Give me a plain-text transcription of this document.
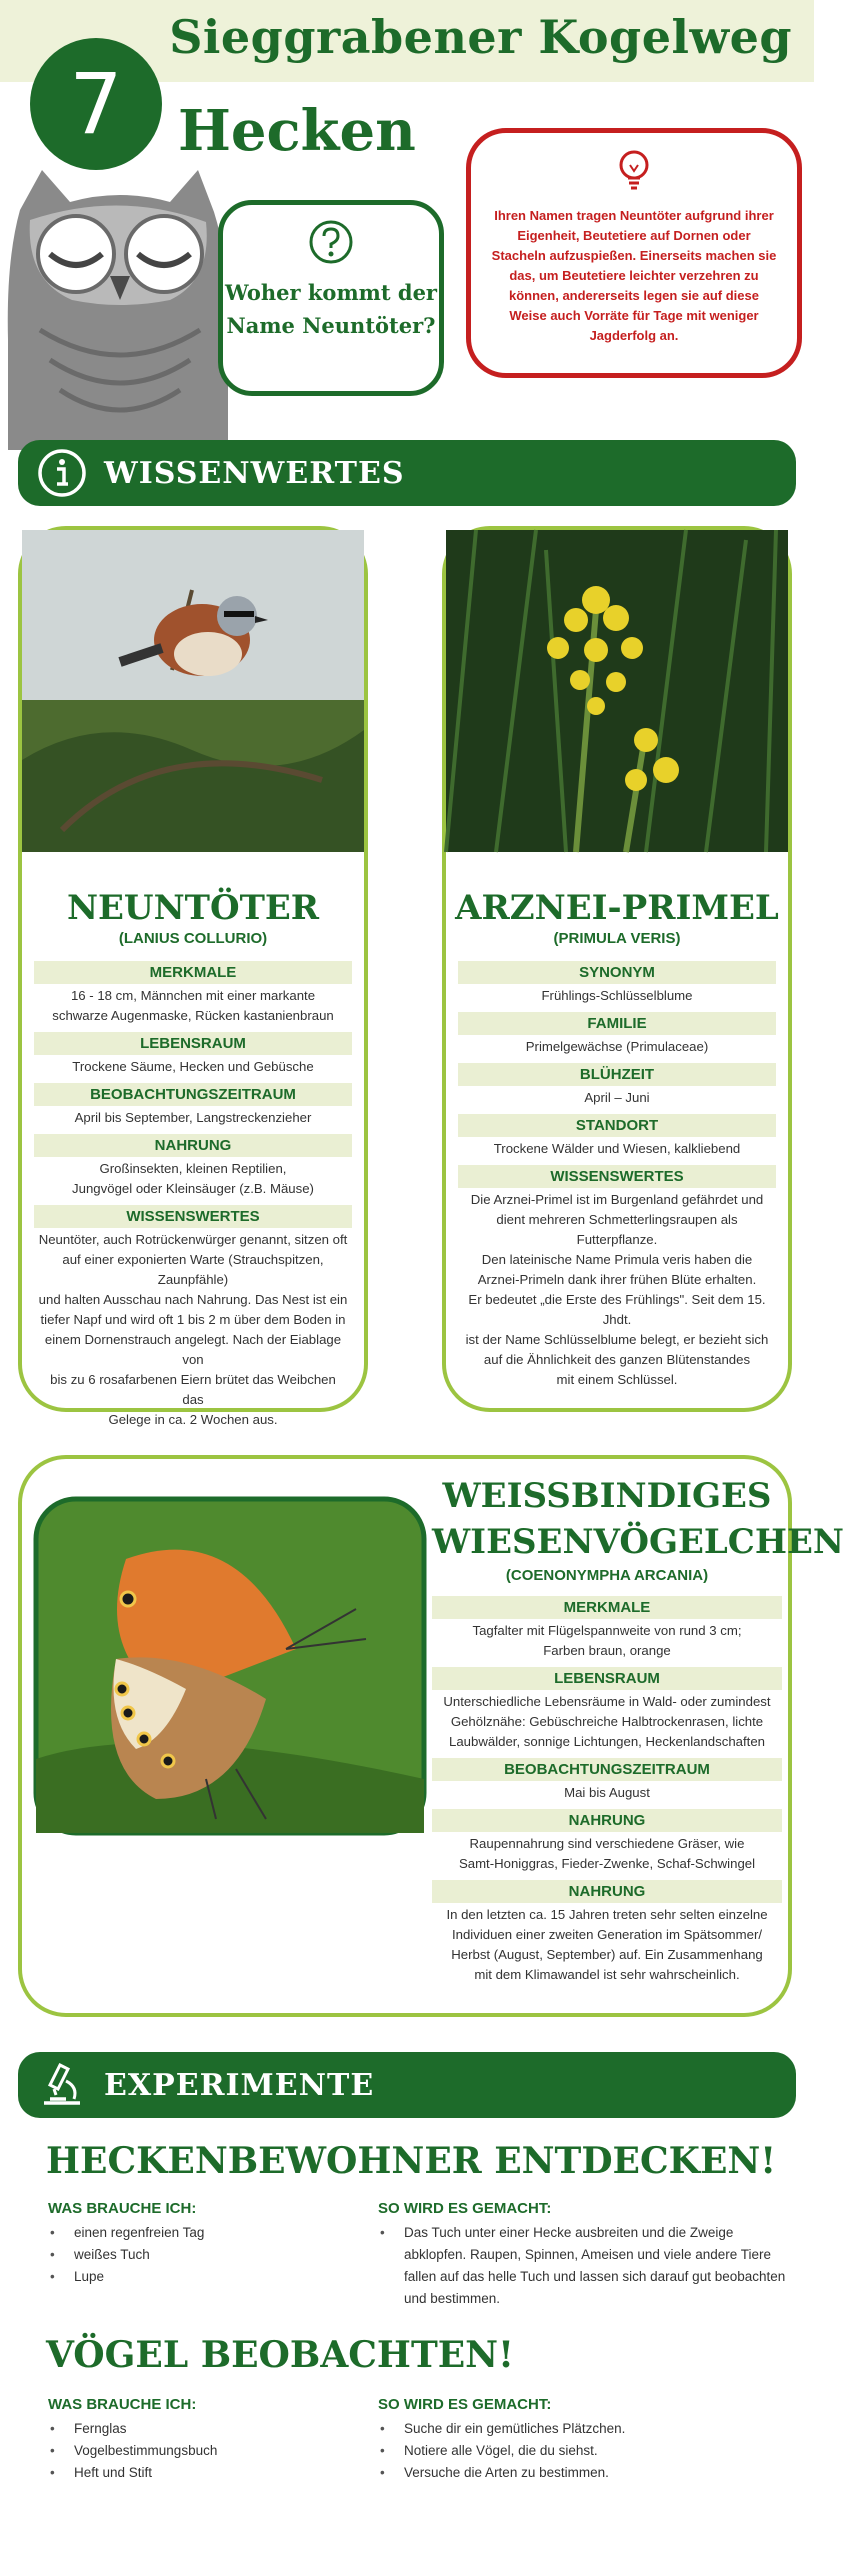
Sieggrabener Kogelweg
7 Hecken
Woher kommt der Name Neuntöter?
Ihren Namen tragen Neuntöter aufgrund ihrer Eigenheit, Beutetiere auf Dornen oder Stacheln aufzuspießen. Einerseits machen sie das, um Beutetiere leichter verzehren zu können, andererseits legen sie auf diese Weise auch Vorräte für Tage mit weniger Jagderfolg an.
WISSENWERTES
NEUNTÖTER
(LANIUS COLLURIO)
MERKMALE
16 - 18 cm, Männchen mit einer markante
schwarze Augenmaske, Rücken kastanienbraun
LEBENSRAUM
Trockene Säume, Hecken und Gebüsche
BEOBACHTUNGSZEITRAUM
April bis September, Langstreckenzieher
NAHRUNG
Großinsekten, kleinen Reptilien,
Jungvögel oder Kleinsäuger (z.B. Mäuse)
WISSENSWERTES
Neuntöter, auch Rotrückenwürger genannt, sitzen oft
auf einer exponierten Warte (Strauchspitzen, Zaunpfähle)
und halten Ausschau nach Nahrung. Das Nest ist ein
tiefer Napf und wird oft 1 bis 2 m über dem Boden in
einem Dornenstrauch angelegt. Nach der Eiablage von
bis zu 6 rosafarbenen Eiern brütet das Weibchen das
Gelege in ca. 2 Wochen aus.
ARZNEI-PRIMEL
(PRIMULA VERIS)
SYNONYM
Frühlings-Schlüsselblume
FAMILIE
Primelgewächse (Primulaceae)
BLÜHZEIT
April – Juni
STANDORT
Trockene Wälder und Wiesen, kalkliebend
WISSENSWERTES
Die Arznei-Primel ist im Burgenland gefährdet und
dient mehreren Schmetterlingsraupen als Futterpflanze.
Den lateinische Name Primula veris haben die
Arznei-Primeln dank ihrer frühen Blüte erhalten.
Er bedeutet „die Erste des Frühlings". Seit dem 15. Jhdt.
ist der Name Schlüsselblume belegt, er bezieht sich
auf die Ähnlichkeit des ganzen Blütenstandes
mit einem Schlüssel.
WEISSBINDIGES
WIESENVÖGELCHEN
(COENONYMPHA ARCANIA)
MERKMALE
Tagfalter mit Flügelspannweite von rund 3 cm;
Farben braun, orange
LEBENSRAUM
Unterschiedliche Lebensräume in Wald- oder zumindest
Gehölznähe: Gebüschreiche Halbtrockenrasen, lichte
Laubwälder, sonnige Lichtungen, Heckenlandschaften
BEOBACHTUNGSZEITRAUM
Mai bis August
NAHRUNG
Raupennahrung sind verschiedene Gräser, wie
Samt-Honiggras, Fieder-Zwenke, Schaf-Schwingel
NAHRUNG
In den letzten ca. 15 Jahren treten sehr selten einzelne
Individuen einer zweiten Generation im Spätsommer/
Herbst (August, September) auf. Ein Zusammenhang
mit dem Klimawandel ist sehr wahrscheinlich.
EXPERIMENTE
HECKENBEWOHNER ENTDECKEN!
WAS BRAUCHE ICH:
• einen regenfreien Tag
• weißes Tuch
• Lupe
SO WIRD ES GEMACHT:
• Das Tuch unter einer Hecke ausbreiten und die Zweige abklopfen. Raupen, Spinnen, Ameisen und viele andere Tiere fallen auf das helle Tuch und lassen sich darauf gut beobachten und bestimmen.
VÖGEL BEOBACHTEN!
WAS BRAUCHE ICH:
• Fernglas
• Vogelbestimmungsbuch
• Heft und Stift
SO WIRD ES GEMACHT:
• Suche dir ein gemütliches Plätzchen.
• Notiere alle Vögel, die du siehst.
• Versuche die Arten zu bestimmen.
